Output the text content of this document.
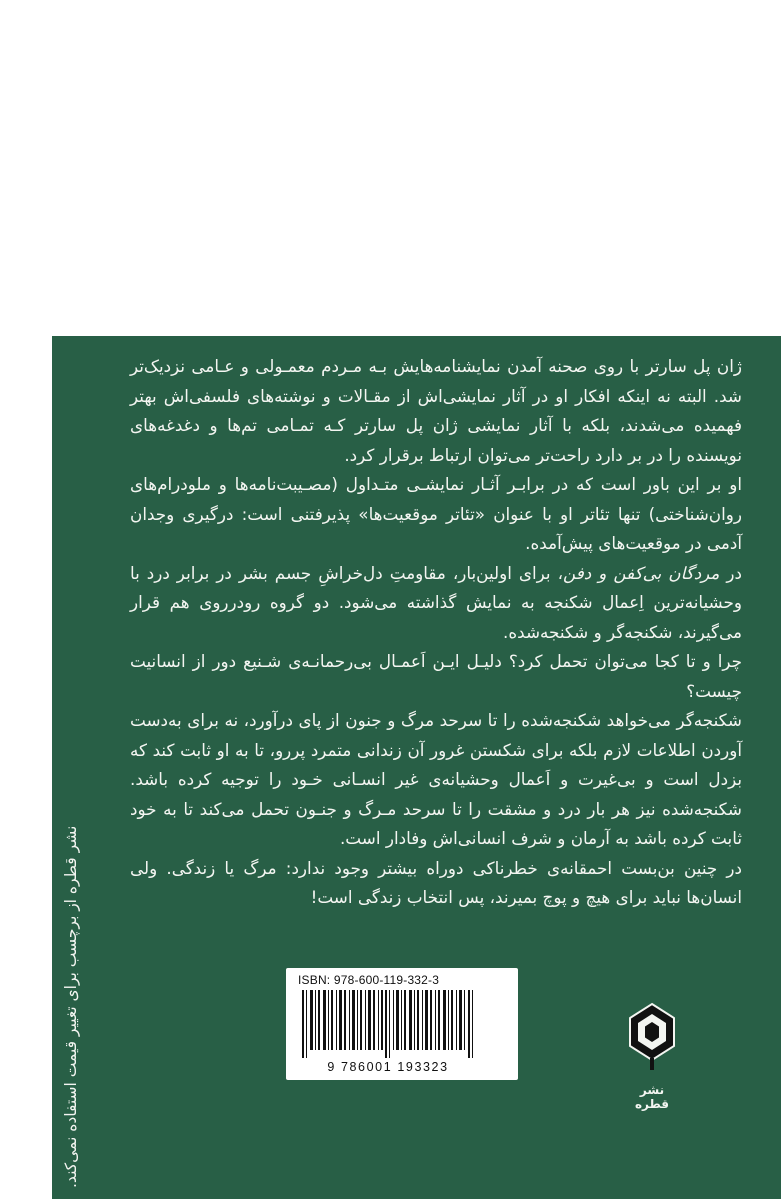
ژان پل سارتر با روی صحنه آمدن نمایشنامه‌هایش بـه مـردم معمـولی و عـامی نزدیک‌تر شد. البته نه اینکه افکار او در آثار نمایشی‌اش از مقـالات و نوشته‌های فلسفی‌اش بهتر فهمیده می‌شدند، بلکه با آثار نمایشی ژان پل سارتر کـه تمـامی تم‌ها و دغدغه‌های نویسنده را در بر دارد راحت‌تر می‌توان ارتباط برقرار کرد.

او بر این باور است که در برابـر آثـار نمایشـی متـداول (مصـیبت‌نامه‌ها و ملودرام‌های روان‌شناختی) تنها تئاتر او با عنوان «تئاتر موقعیت‌ها» پذیرفتنی است: درگیری وجدان آدمی در موقعیت‌های پیش‌آمده.

در مردگان بی‌کفن و دفن، برای اولین‌بار، مقاومتِ دل‌خراشِ جسم بشر در برابر درد با وحشیانه‌ترین اِعمال شکنجه به نمایش گذاشته می‌شود. دو گروه رودرروی هم قرار می‌گیرند، شکنجه‌گر و شکنجه‌شده.

چرا و تا کجا می‌توان تحمل کرد؟ دلیـل ایـن اَعمـال بی‌رحمانـه‌ی شـنیع دور از انسانیت چیست؟

شکنجه‌گر می‌خواهد شکنجه‌شده را تا سرحد مرگ و جنون از پای درآورد، نه برای به‌دست آوردن اطلاعات لازم بلکه برای شکستن غرور آن زندانی متمرد پررو، تا به او ثابت کند که بزدل است و بی‌غیرت و اَعمال وحشیانه‌ی غیر انسـانی خـود را توجیه کرده باشد. شکنجه‌شده نیز هر بار درد و مشقت را تا سرحد مـرگ و جنـون تحمل می‌کند تا به خود ثابت کرده باشد به آرمان و شرف انسانی‌اش وفادار است.

در چنین بن‌بست احمقانه‌ی خطرناکی دوراه بیشتر وجود ندارد: مرگ یا زندگی. ولی انسان‌ها نباید برای هیچ و پوچ بمیرند، پس انتخاب زندگی است!

نشر قطره از برچسب برای تغییر قیمت استفاده نمی‌کند.	ISBN: 978-600-119-332-3
9 786001 193323
نشر قطره
